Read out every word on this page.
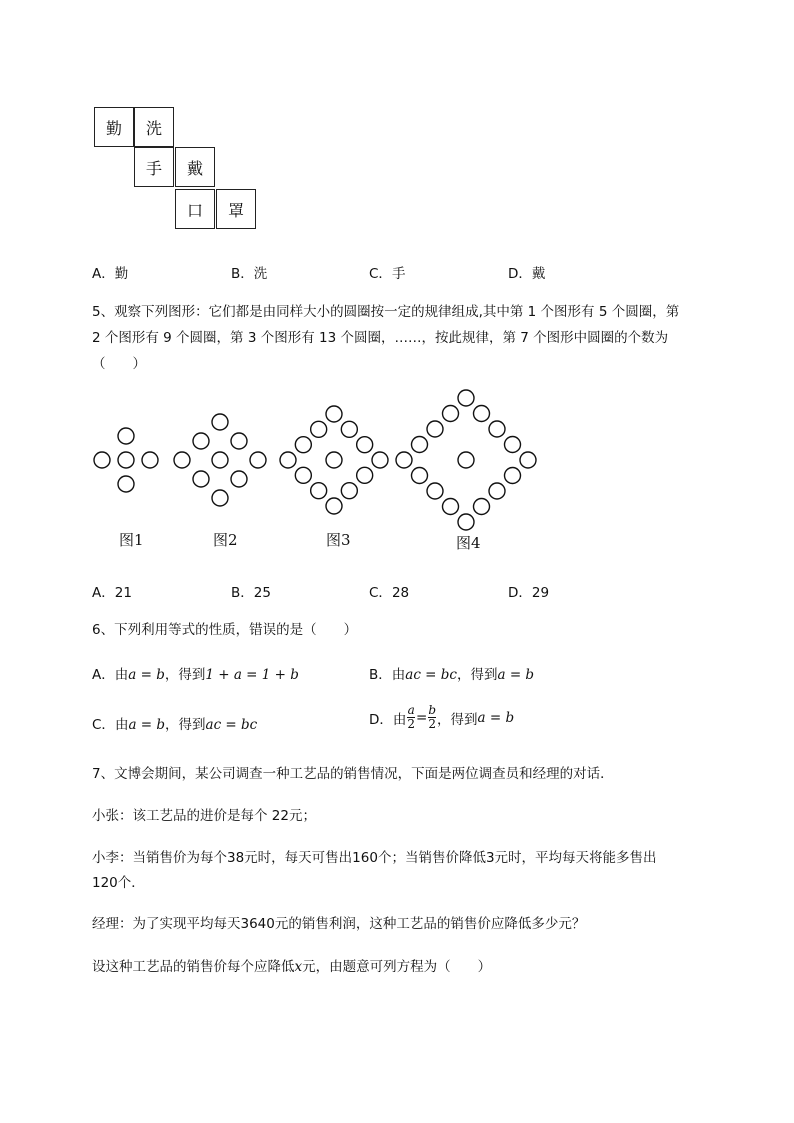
勤	洗
手	戴
口	罩
A．勤	B．洗	C．手	D．戴
5、观察下列图形：它们都是由同样大小的圆圈按一定的规律组成,其中第 1 个图形有 5 个圆圈，第
2 个图形有 9 个圆圈，第 3 个图形有 13 个圆圈，……，按此规律，第 7 个图形中圆圈的个数为
（　　）
图1	图2	图3	图4
A．21	B．25	C．28	D．29
6、下列利用等式的性质，错误的是（　　）
A．由a = b，得到1 + a = 1 + b	B．由ac = bc，得到a = b
C．由a = b，得到ac = bc	D． 由 $\frac{a}{2} = \frac{b}{2}$ ，得到 a = b
7、文博会期间，某公司调查一种工艺品的销售情况，下面是两位调查员和经理的对话．
小张：该工艺品的进价是每个 22元；
小李：当销售价为每个38元时，每天可售出160个；当销售价降低3元时，平均每天将能多售出
120个．
经理：为了实现平均每天3640元的销售利润，这种工艺品的销售价应降低多少元？
设这种工艺品的销售价每个应降低x元，由题意可列方程为（　　）
